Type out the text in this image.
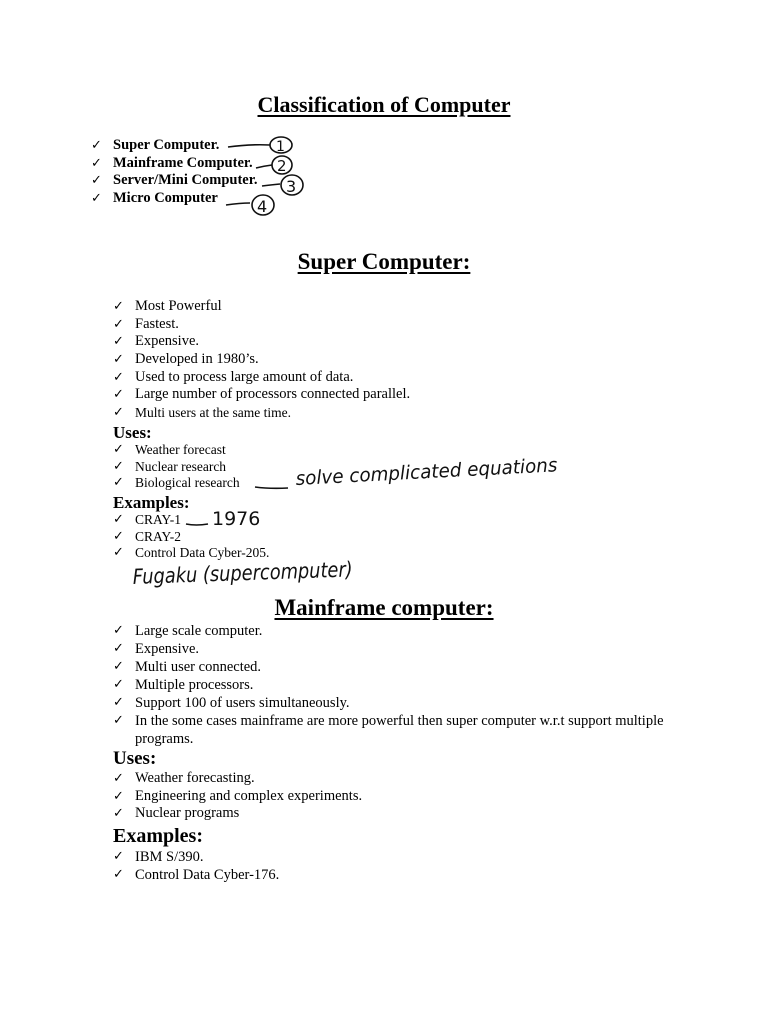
Classification of Computer
✓ Super Computer.
✓ Mainframe Computer.
✓ Server/Mini Computer.
✓ Micro Computer
Super Computer:
✓ Most Powerful
✓ Fastest.
✓ Expensive.
✓ Developed in 1980’s.
✓ Used to process large amount of data.
✓ Large number of processors connected parallel.
✓ Multi users at the same time.
Uses:
✓ Weather forecast
✓ Nuclear research
✓ Biological research
Examples:
✓ CRAY-1
✓ CRAY-2
✓ Control Data Cyber-205.
Mainframe computer:
✓ Large scale computer.
✓ Expensive.
✓ Multi user connected.
✓ Multiple processors.
✓ Support 100 of users simultaneously.
✓ In the some cases mainframe are more powerful then super computer w.r.t support multiple programs.
Uses:
✓ Weather forecasting.
✓ Engineering and complex experiments.
✓ Nuclear programs
Examples:
✓ IBM S/390.
✓ Control Data Cyber-176.
1
2
3
4
solve complicated equations
1976
Fugaku (supercomputer)
